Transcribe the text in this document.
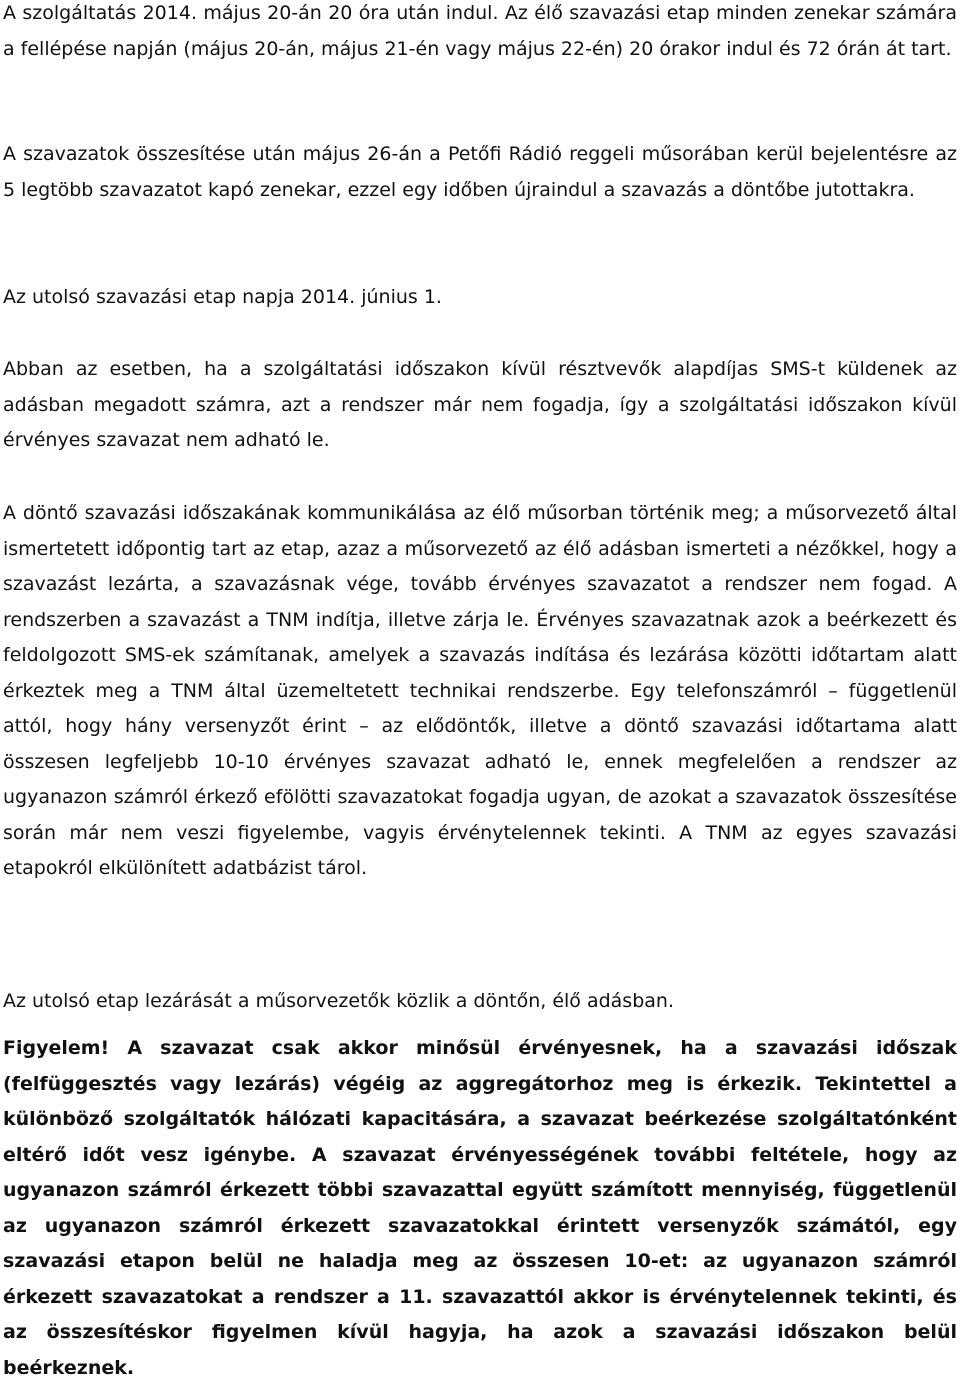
A szolgáltatás 2014. május 20-án 20 óra után indul. Az élő szavazási etap minden zenekar számára a fellépése napján (május 20-án, május 21-én vagy május 22-én) 20 órakor indul és 72 órán át tart.

A szavazatok összesítése után május 26-án a Petőfi Rádió reggeli műsorában kerül bejelentésre az 5 legtöbb szavazatot kapó zenekar, ezzel egy időben újraindul a szavazás a döntőbe jutottakra.

Az utolsó szavazási etap napja 2014. június 1.

Abban az esetben, ha a szolgáltatási időszakon kívül résztvevők alapdíjas SMS-t küldenek az adásban megadott számra, azt a rendszer már nem fogadja, így a szolgáltatási időszakon kívül érvényes szavazat nem adható le.

A döntő szavazási időszakának kommunikálása az élő műsorban történik meg; a műsorvezető által ismertetett időpontig tart az etap, azaz a műsorvezető az élő adásban ismerteti a nézőkkel, hogy a szavazást lezárta, a szavazásnak vége, tovább érvényes szavazatot a rendszer nem fogad. A rendszerben a szavazást a TNM indítja, illetve zárja le. Érvényes szavazatnak azok a beérkezett és feldolgozott SMS-ek számítanak, amelyek a szavazás indítása és lezárása közötti időtartam alatt érkeztek meg a TNM által üzemeltetett technikai rendszerbe. Egy telefonszámról – függetlenül attól, hogy hány versenyzőt érint – az elődöntők, illetve a döntő szavazási időtartama alatt összesen legfeljebb 10-10 érvényes szavazat adható le, ennek megfelelően a rendszer az ugyanazon számról érkező efölötti szavazatokat fogadja ugyan, de azokat a szavazatok összesítése során már nem veszi figyelembe, vagyis érvénytelennek tekinti. A TNM az egyes szavazási etapokról elkülönített adatbázist tárol.

Az utolsó etap lezárását a műsorvezetők közlik a döntőn, élő adásban.

Figyelem! A szavazat csak akkor minősül érvényesnek, ha a szavazási időszak (felfüggesztés vagy lezárás) végéig az aggregátorhoz meg is érkezik. Tekintettel a különböző szolgáltatók hálózati kapacitására, a szavazat beérkezése szolgáltatónként eltérő időt vesz igénybe. A szavazat érvényességének további feltétele, hogy az ugyanazon számról érkezett többi szavazattal együtt számított mennyiség, függetlenül az ugyanazon számról érkezett szavazatokkal érintett versenyzők számától, egy szavazási etapon belül ne haladja meg az összesen 10-et: az ugyanazon számról érkezett szavazatokat a rendszer a 11. szavazattól akkor is érvénytelennek tekinti, és az összesítéskor figyelmen kívül hagyja, ha azok a szavazási időszakon belül beérkeznek.
